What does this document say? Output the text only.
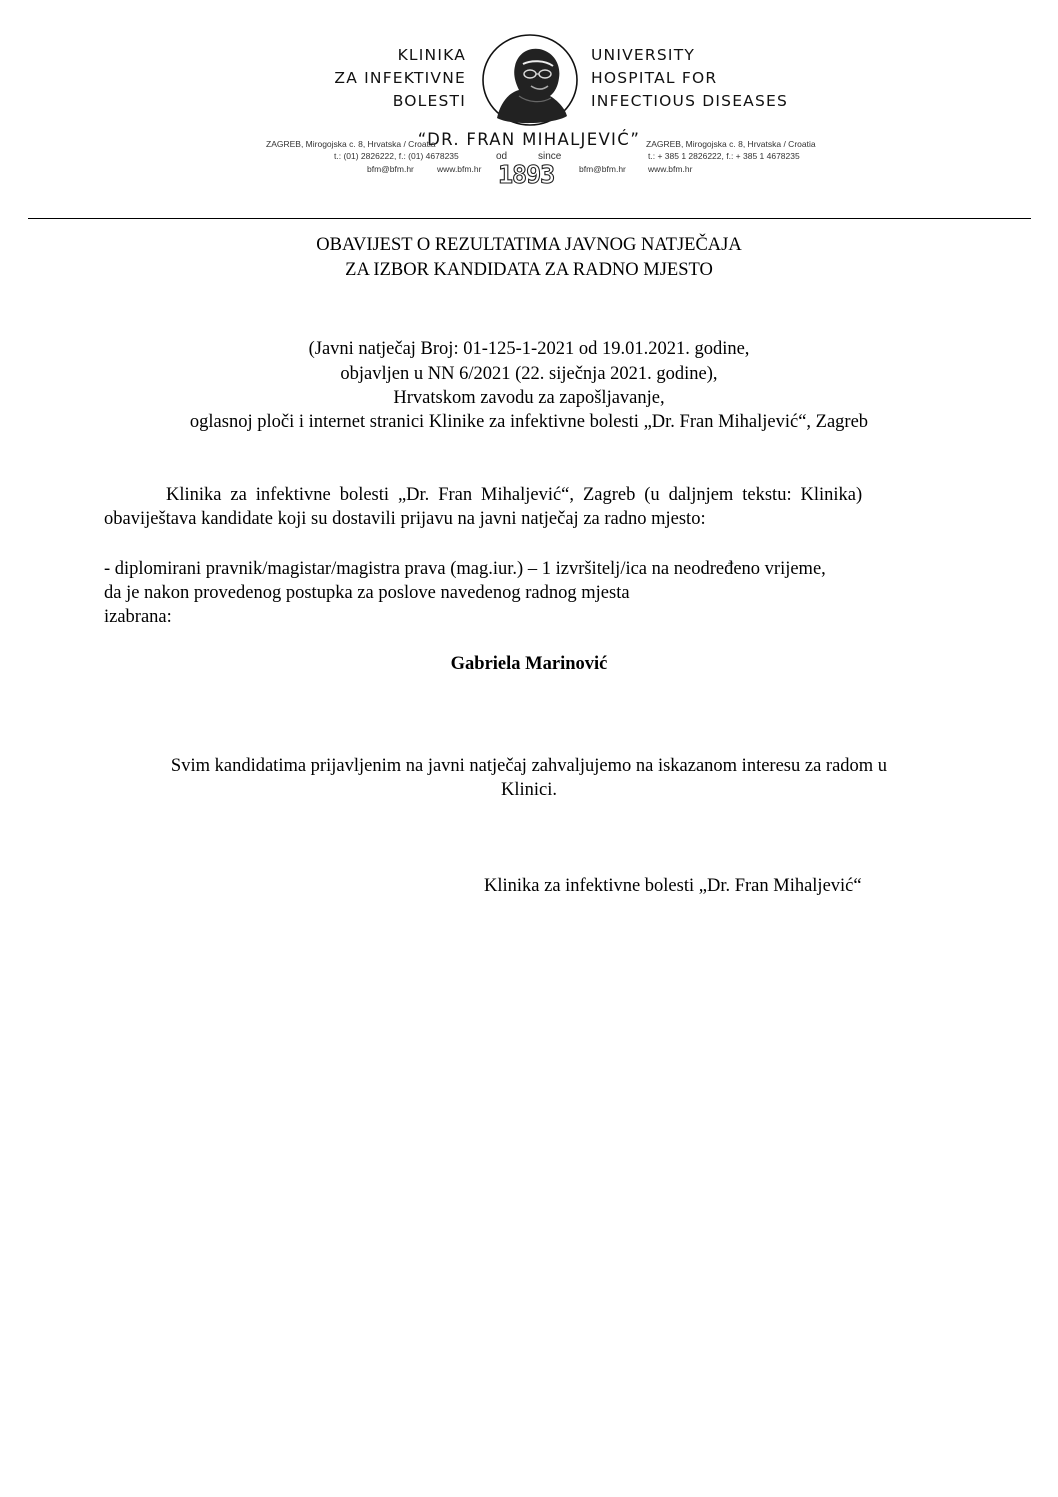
KLINIKA
ZA INFEKTIVNE
BOLESTI
UNIVERSITY
HOSPITAL FOR
INFECTIOUS DISEASES
“DR. FRAN MIHALJEVIĆ”
ZAGREB, Mirogojska c. 8, Hrvatska / Croatia
t.: (01) 2826222, f.: (01) 4678235
bfm@bfm.hr	www.bfm.hr
od	since
1893
ZAGREB, Mirogojska c. 8, Hrvatska / Croatia
t.: + 385 1 2826222, f.: + 385 1 4678235
bfm@bfm.hr	www.bfm.hr
OBAVIJEST O REZULTATIMA JAVNOG NATJEČAJA
ZA IZBOR KANDIDATA ZA RADNO MJESTO
(Javni natječaj Broj: 01-125-1-2021 od 19.01.2021. godine,
objavljen u NN 6/2021 (22. siječnja 2021. godine),
Hrvatskom zavodu za zapošljavanje,
oglasnoj ploči i internet stranici Klinike za infektivne bolesti „Dr. Fran Mihaljević“, Zagreb
Klinika za infektivne bolesti „Dr. Fran Mihaljević“, Zagreb (u daljnjem tekstu: Klinika)
obaviještava kandidate koji su dostavili prijavu na javni natječaj za radno mjesto:
- diplomirani pravnik/magistar/magistra prava (mag.iur.) – 1 izvršitelj/ica na neodređeno vrijeme,
da je nakon provedenog postupka za poslove navedenog radnog mjesta
izabrana:
Gabriela Marinović
Svim kandidatima prijavljenim na javni natječaj zahvaljujemo na iskazanom interesu za radom u
Klinici.
Klinika za infektivne bolesti „Dr. Fran Mihaljević“
